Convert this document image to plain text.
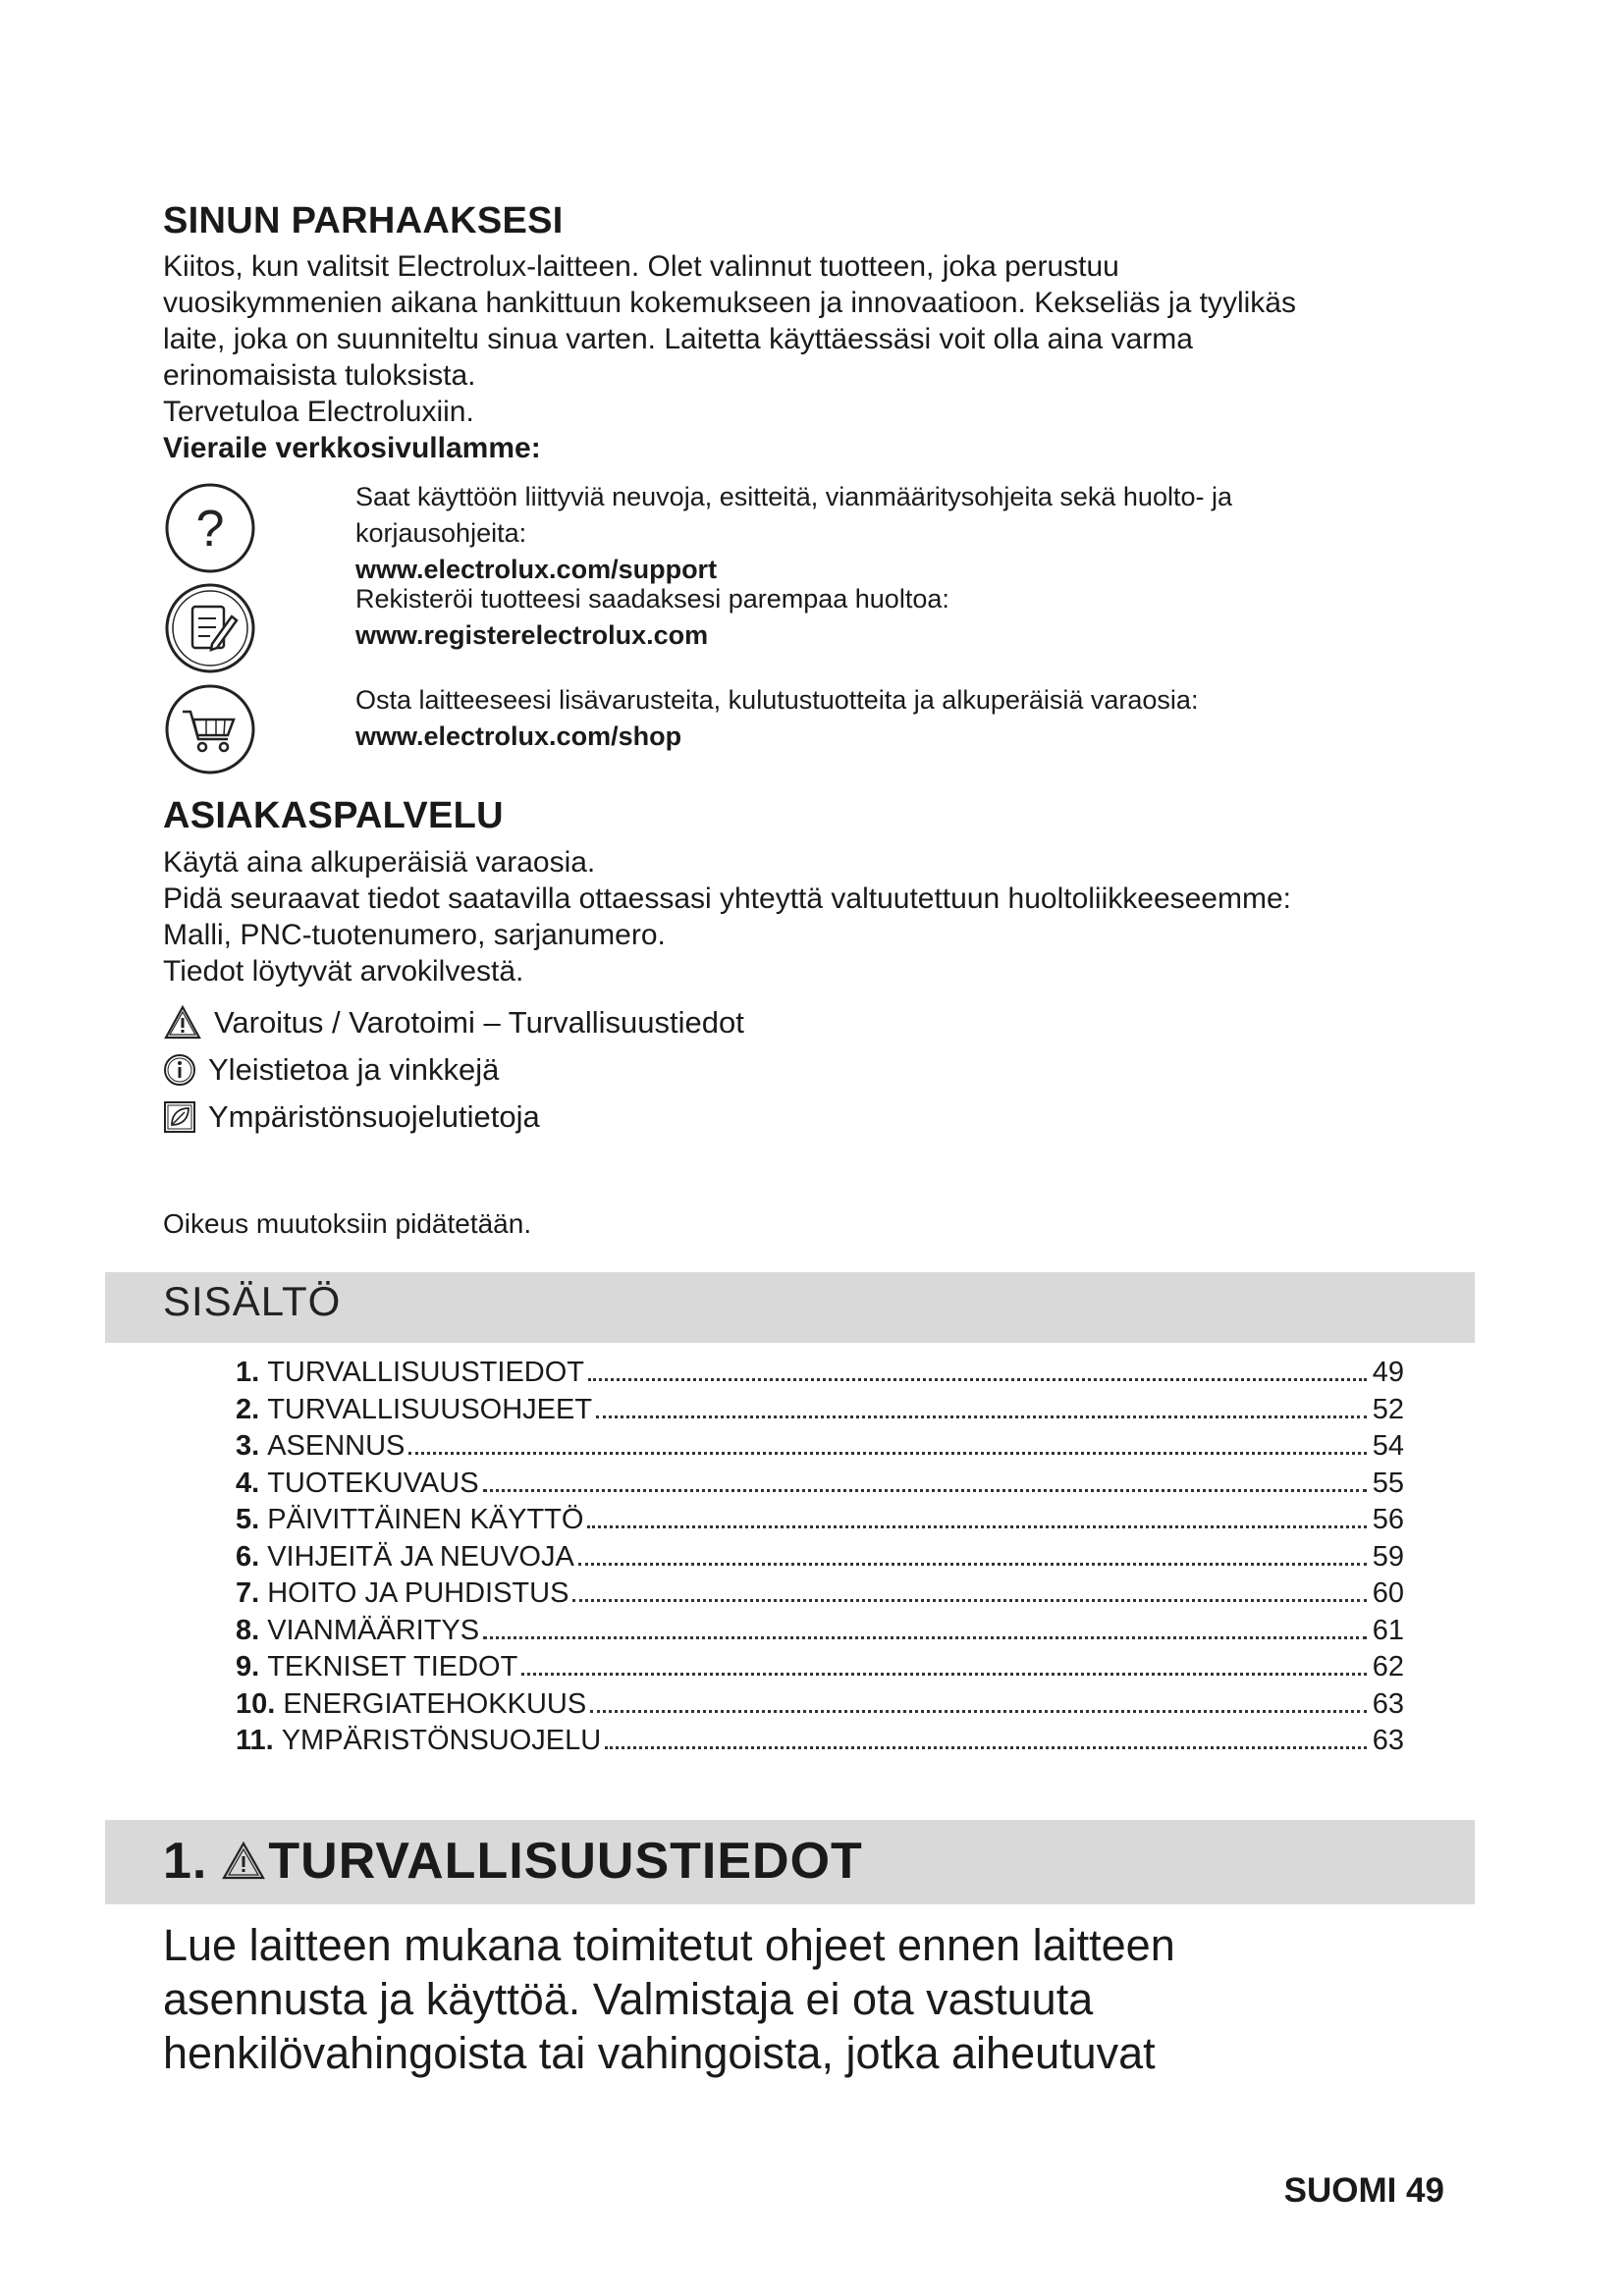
SINUN PARHAAKSESI

Kiitos, kun valitsit Electrolux-laitteen. Olet valinnut tuotteen, joka perustuu

vuosikymmenien aikana hankittuun kokemukseen ja innovaatioon. Kekseliäs ja tyylikäs

laite, joka on suunniteltu sinua varten. Laitetta käyttäessäsi voit olla aina varma

erinomaisista tuloksista.

Tervetuloa Electroluxiin.

Vieraile verkkosivullamme:

?
Saat käyttöön liittyviä neuvoja, esitteitä, vianmääritysohjeita sekä huolto- ja
korjausohjeita:
www.electrolux.com/support
Rekisteröi tuotteesi saadaksesi parempaa huoltoa:
www.registerelectrolux.com
Osta laitteeseesi lisävarusteita, kulutustuotteita ja alkuperäisiä varaosia:
www.electrolux.com/shop
ASIAKASPALVELU

Käytä aina alkuperäisiä varaosia.

Pidä seuraavat tiedot saatavilla ottaessasi yhteyttä valtuutettuun huoltoliikkeeseemme:

Malli, PNC-tuotenumero, sarjanumero.

Tiedot löytyvät arvokilvestä.

Varoitus / Varotoimi – Turvallisuustiedot
Yleistietoa ja vinkkejä
Ympäristönsuojelutietoja
Oikeus muutoksiin pidätetään.
SISÄLTÖ
1. TURVALLISUUSTIEDOT	49
2. TURVALLISUUSOHJEET	52
3. ASENNUS	54
4. TUOTEKUVAUS	55
5. PÄIVITTÄINEN KÄYTTÖ	56
6. VIHJEITÄ JA NEUVOJA	59
7. HOITO JA PUHDISTUS	60
8. VIANMÄÄRITYS	61
9. TEKNISET TIEDOT	62
10. ENERGIATEHOKKUUS	63
11. YMPÄRISTÖNSUOJELU	63
1. TURVALLISUUSTIEDOT
Lue laitteen mukana toimitetut ohjeet ennen laitteen
asennusta ja käyttöä. Valmistaja ei ota vastuuta
henkilövahingoista tai vahingoista, jotka aiheutuvat
SUOMI 49
